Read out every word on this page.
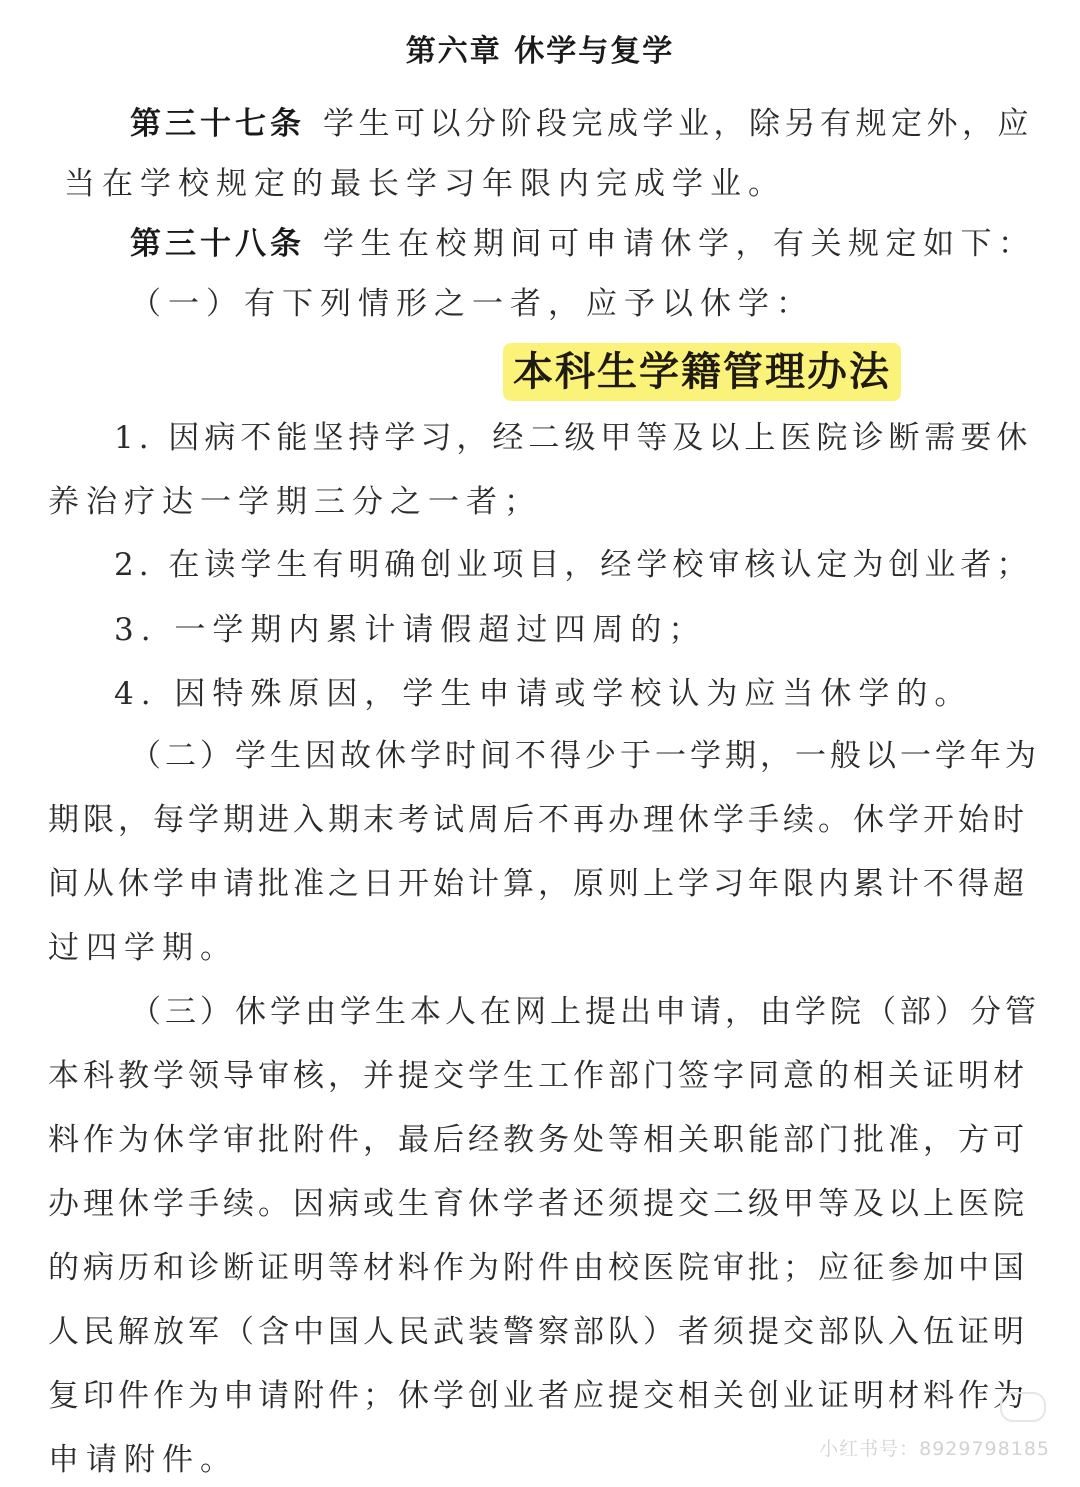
第六章 休学与复学
第三十七条 学生可以分阶段完成学业，除另有规定外，应
当在学校规定的最长学习年限内完成学业。
第三十八条 学生在校期间可申请休学，有关规定如下：
（一）有下列情形之一者，应予以休学：
本科生学籍管理办法
1. 因病不能坚持学习，经二级甲等及以上医院诊断需要休
养治疗达一学期三分之一者；
2. 在读学生有明确创业项目，经学校审核认定为创业者；
3. 一学期内累计请假超过四周的；
4. 因特殊原因，学生申请或学校认为应当休学的。
（二）学生因故休学时间不得少于一学期，一般以一学年为
期限，每学期进入期末考试周后不再办理休学手续。休学开始时
间从休学申请批准之日开始计算，原则上学习年限内累计不得超
过四学期。
（三）休学由学生本人在网上提出申请，由学院（部）分管
本科教学领导审核，并提交学生工作部门签字同意的相关证明材
料作为休学审批附件，最后经教务处等相关职能部门批准，方可
办理休学手续。因病或生育休学者还须提交二级甲等及以上医院
的病历和诊断证明等材料作为附件由校医院审批；应征参加中国
人民解放军（含中国人民武装警察部队）者须提交部队入伍证明
复印件作为申请附件；休学创业者应提交相关创业证明材料作为
申请附件。	小红书号：8929798185
